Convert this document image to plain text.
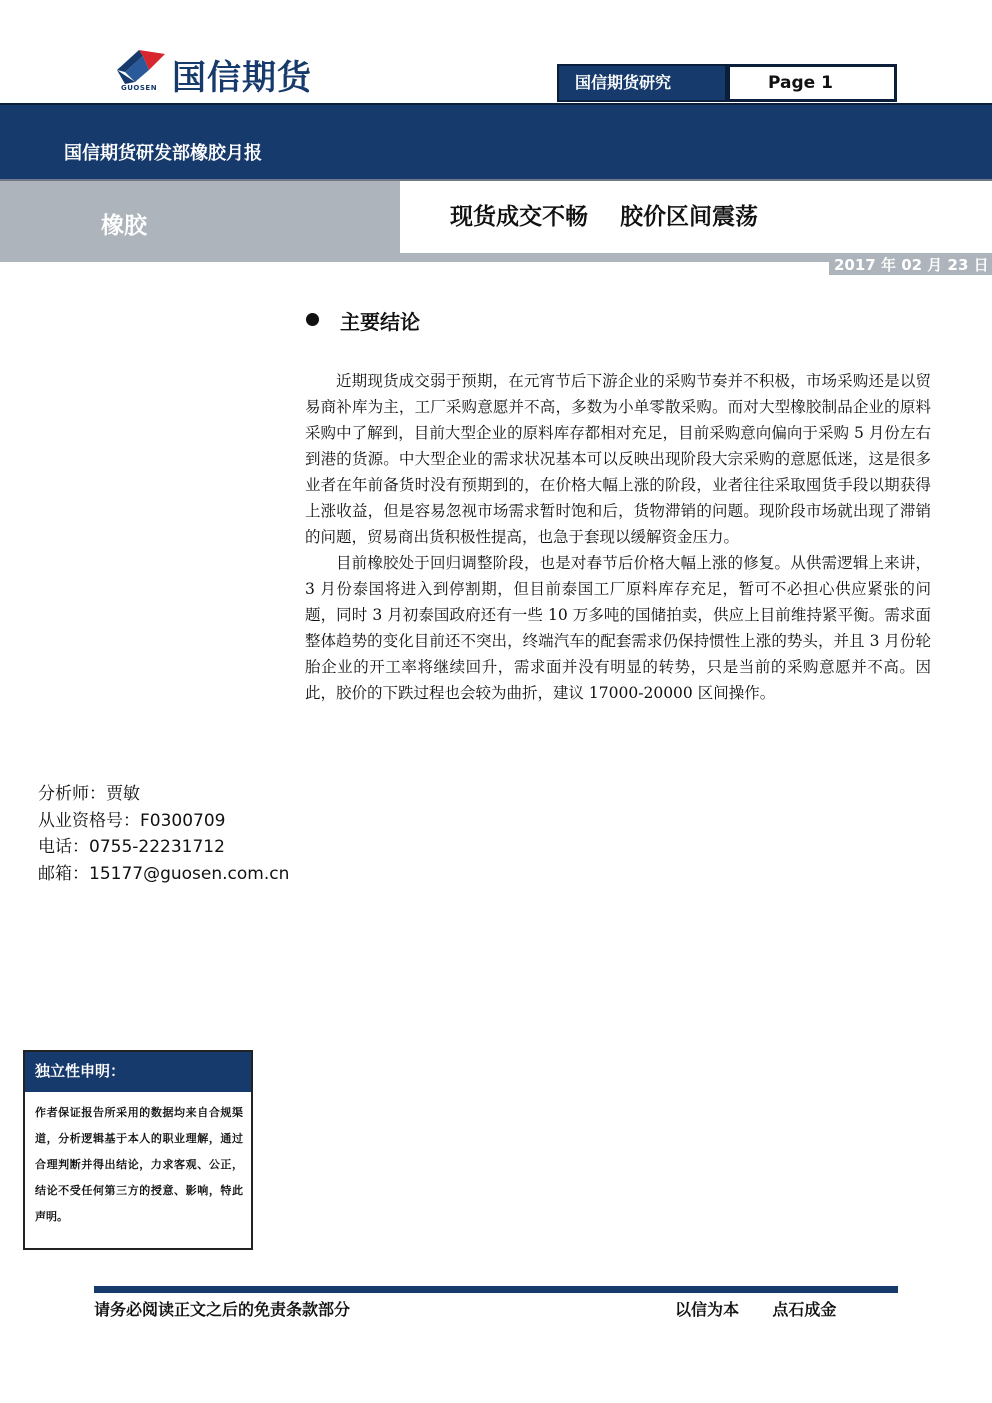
国信期货
GUOSEN	国信期货研究	Page 1
国信期货研发部橡胶月报
橡胶	现货成交不畅    胶价区间震荡
2017 年 02 月 23 日
主要结论

近期现货成交弱于预期，在元宵节后下游企业的采购节奏并不积极，市场采购还是以贸易商补库为主，工厂采购意愿并不高，多数为小单零散采购。而对大型橡胶制品企业的原料采购中了解到，目前大型企业的原料库存都相对充足，目前采购意向偏向于采购 5 月份左右到港的货源。中大型企业的需求状况基本可以反映出现阶段大宗采购的意愿低迷，这是很多业者在年前备货时没有预期到的，在价格大幅上涨的阶段，业者往往采取囤货手段以期获得上涨收益，但是容易忽视市场需求暂时饱和后，货物滞销的问题。现阶段市场就出现了滞销的问题，贸易商出货积极性提高，也急于套现以缓解资金压力。

目前橡胶处于回归调整阶段，也是对春节后价格大幅上涨的修复。从供需逻辑上来讲，3 月份泰国将进入到停割期，但目前泰国工厂原料库存充足，暂可不必担心供应紧张的问题，同时 3 月初泰国政府还有一些 10 万多吨的国储拍卖，供应上目前维持紧平衡。需求面整体趋势的变化目前还不突出，终端汽车的配套需求仍保持惯性上涨的势头，并且 3 月份轮胎企业的开工率将继续回升，需求面并没有明显的转势，只是当前的采购意愿并不高。因此，胶价的下跌过程也会较为曲折，建议 17000-20000 区间操作。

分析师：贾敏
从业资格号：F0300709
电话：0755-22231712
邮箱：15177@guosen.com.cn
独立性申明：
作者保证报告所采用的数据均来自合规渠道，分析逻辑基于本人的职业理解，通过合理判断并得出结论，力求客观、公正，结论不受任何第三方的授意、影响，特此声明。
请务必阅读正文之后的免责条款部分	以信为本      点石成金
